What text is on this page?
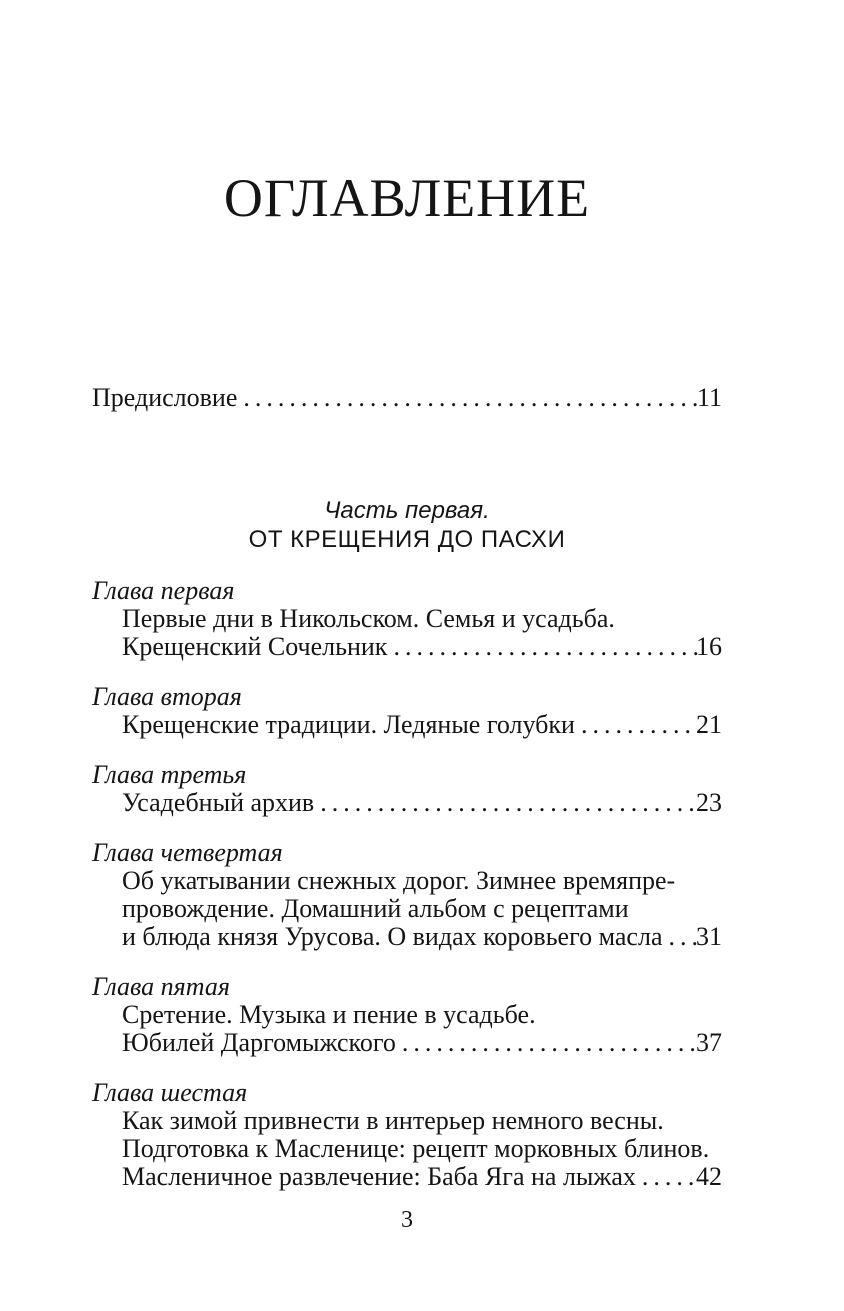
ОГЛАВЛЕНИЕ
Предисловие .....	11
Часть первая.
ОТ КРЕЩЕНИЯ ДО ПАСХИ
Глава первая
Первые дни в Никольском. Семья и усадьба.
Крещенский Сочельник .....	16
Глава вторая
Крещенские традиции. Ледяные голубки .....	21
Глава третья
Усадебный архив .....	23
Глава четвертая
Об укатывании снежных дорог. Зимнее времяпре-
провождение. Домашний альбом с рецептами
и блюда князя Урусова. О видах коровьего масла ..... 31
Глава пятая
Сретение. Музыка и пение в усадьбе.
Юбилей Даргомыжского .....	37
Глава шестая
Как зимой привнести в интерьер немного весны.
Подготовка к Масленице: рецепт морковных блинов.
Масленичное развлечение: Баба Яга на лыжах ..... 42
3
